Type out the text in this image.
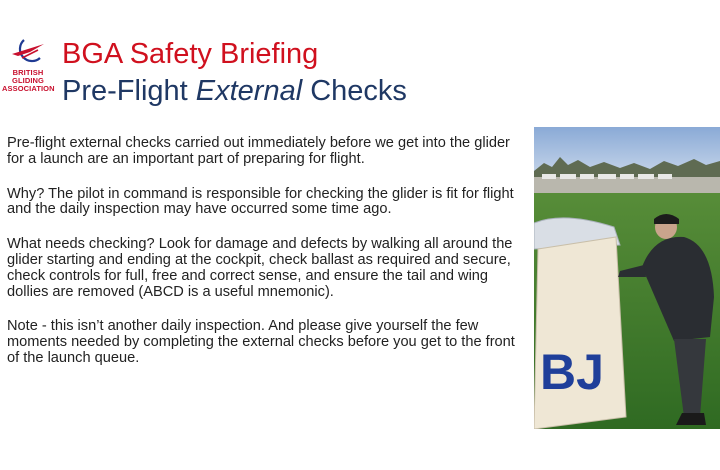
BRITISH
GLIDING
ASSOCIATION
BGA Safety Briefing
Pre-Flight External Checks

Pre-flight external checks carried out immediately before we get into the glider for a launch are an important part of preparing for flight.

Why? The pilot in command is responsible for checking the glider is fit for flight and the daily inspection may have occurred some time ago.

What needs checking? Look for damage and defects by walking all around the glider starting and ending at the cockpit, check ballast as required and secure, check controls for full, free and correct sense, and ensure the tail and wing dollies are removed (ABCD is a useful mnemonic).

Note - this isn’t another daily inspection. And please give yourself the few moments needed by completing the external checks before you get to the front of the launch queue.	BJ
